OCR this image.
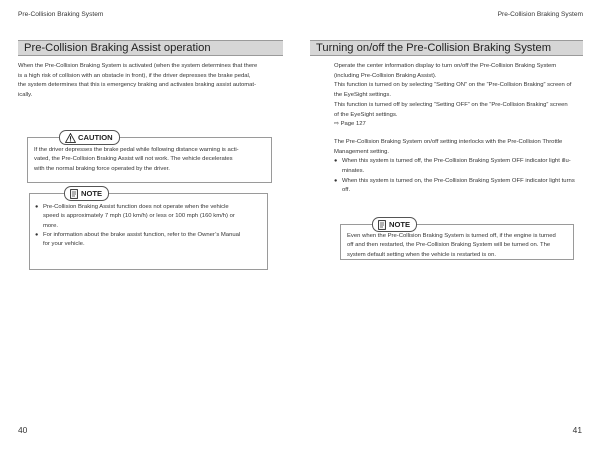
Pre-Collision Braking System
Pre-Collision Braking Assist operation

When the Pre-Collision Braking System is activated (when the system determines that there

is a high risk of collision with an obstacle in front), if the driver depresses the brake pedal,

the system determines that this is emergency braking and activates braking assist automat-

ically.

CAUTION

If the driver depresses the brake pedal while following distance warning is acti-

vated, the Pre-Collision Braking Assist will not work. The vehicle decelerates

with the normal braking force operated by the driver.

NOTE
● Pre-Collision Braking Assist function does not operate when the vehicle
speed is approximately 7 mph (10 km/h) or less or 100 mph (160 km/h) or
more.
● For information about the brake assist function, refer to the Owner’s Manual
for your vehicle.
40
Pre-Collision Braking System
Turning on/off the Pre-Collision Braking System

Operate the center information display to turn on/off the Pre-Collision Braking System

(including Pre-Collision Braking Assist).

This function is turned on by selecting “Setting ON” on the “Pre-Collision Braking” screen of

the EyeSight settings.

This function is turned off by selecting “Setting OFF” on the “Pre-Collision Braking” screen

of the EyeSight settings.

⇨ Page 127

The Pre-Collision Braking System on/off setting interlocks with the Pre-Collision Throttle

Management setting.

● When this system is turned off, the Pre-Collision Braking System OFF indicator light illu-
minates.
● When this system is turned on, the Pre-Collision Braking System OFF indicator light turns
off.
NOTE

Even when the Pre-Collision Braking System is turned off, if the engine is turned

off and then restarted, the Pre-Collision Braking System will be turned on. The

system default setting when the vehicle is restarted is on.

41
